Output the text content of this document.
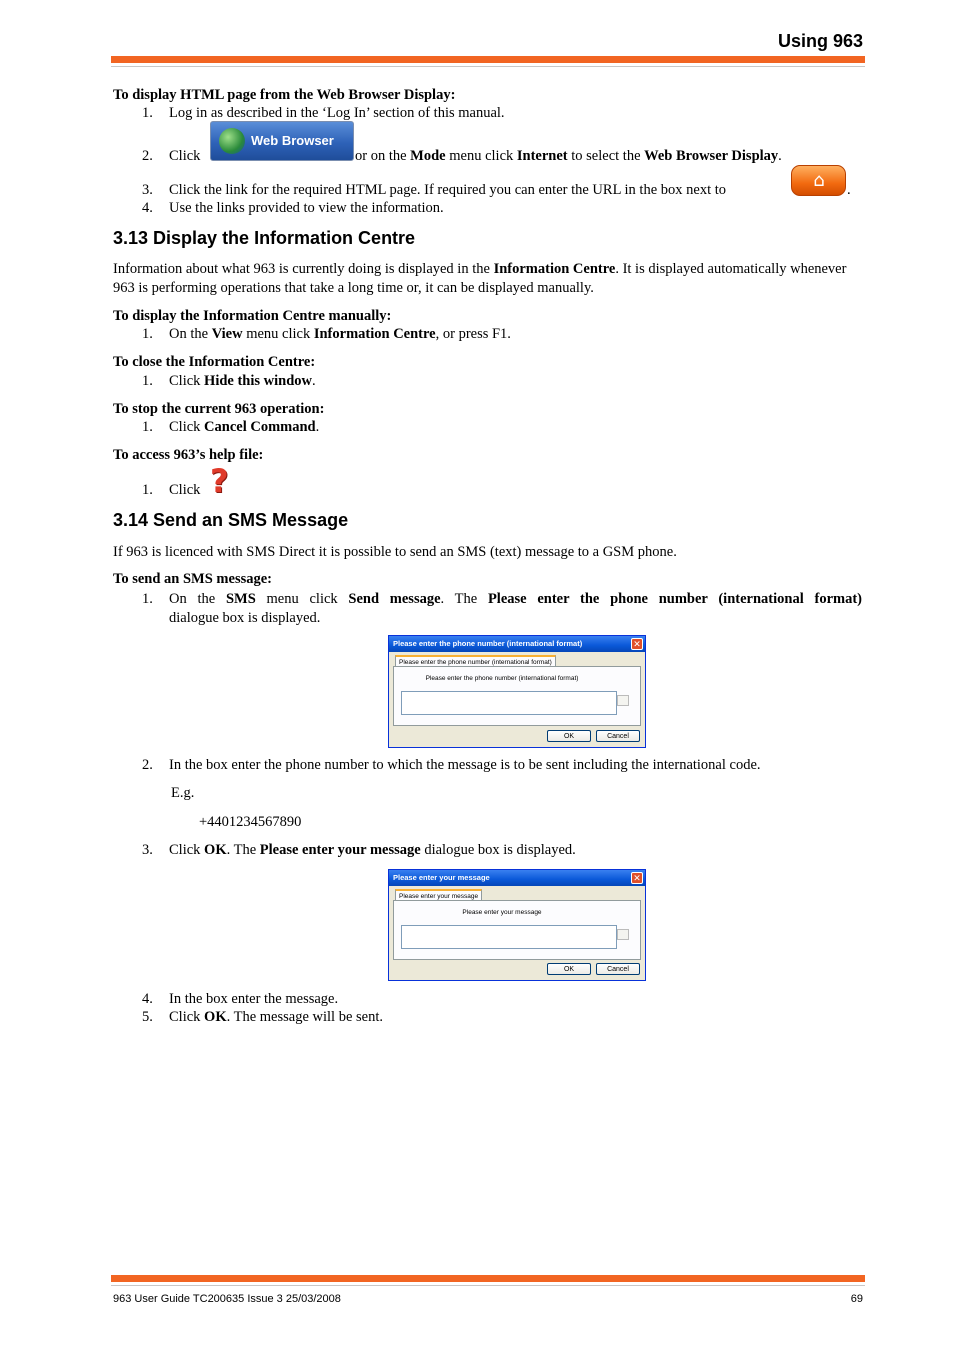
Using 963
To display HTML page from the Web Browser Display:
1. Log in as described in the ‘Log In’ section of this manual.
2. Click
Web Browser
or on the Mode menu click Internet to select the Web Browser Display.
3. Click the link for the required HTML page. If required you can enter the URL in the box next to	⌂ .
4. Use the links provided to view the information.
3.13 Display the Information Centre
Information about what 963 is currently doing is displayed in the Information Centre. It is displayed automatically whenever 963 is performing operations that take a long time or, it can be displayed manually.
To display the Information Centre manually:
1. On the View menu click Information Centre, or press F1.
To close the Information Centre:
1. Click Hide this window.
To stop the current 963 operation:
1. Click Cancel Command.
To access 963’s help file:
1. Click ?
3.14 Send an SMS Message
If 963 is licenced with SMS Direct it is possible to send an SMS (text) message to a GSM phone.
To send an SMS message:
1. On the SMS menu click Send message. The Please enter the phone number (international format)
dialogue box is displayed.
Please enter the phone number (international format)	✕
Please enter the phone number (international format)
Please enter the phone number (international format)
OK	Cancel
2. In the box enter the phone number to which the message is to be sent including the international code.
E.g.
+4401234567890
3. Click OK. The Please enter your message dialogue box is displayed.
Please enter your message	✕
Please enter your message
Please enter your message
OK	Cancel
4. In the box enter the message.
5. Click OK. The message will be sent.
963 User Guide TC200635 Issue 3 25/03/2008	69
